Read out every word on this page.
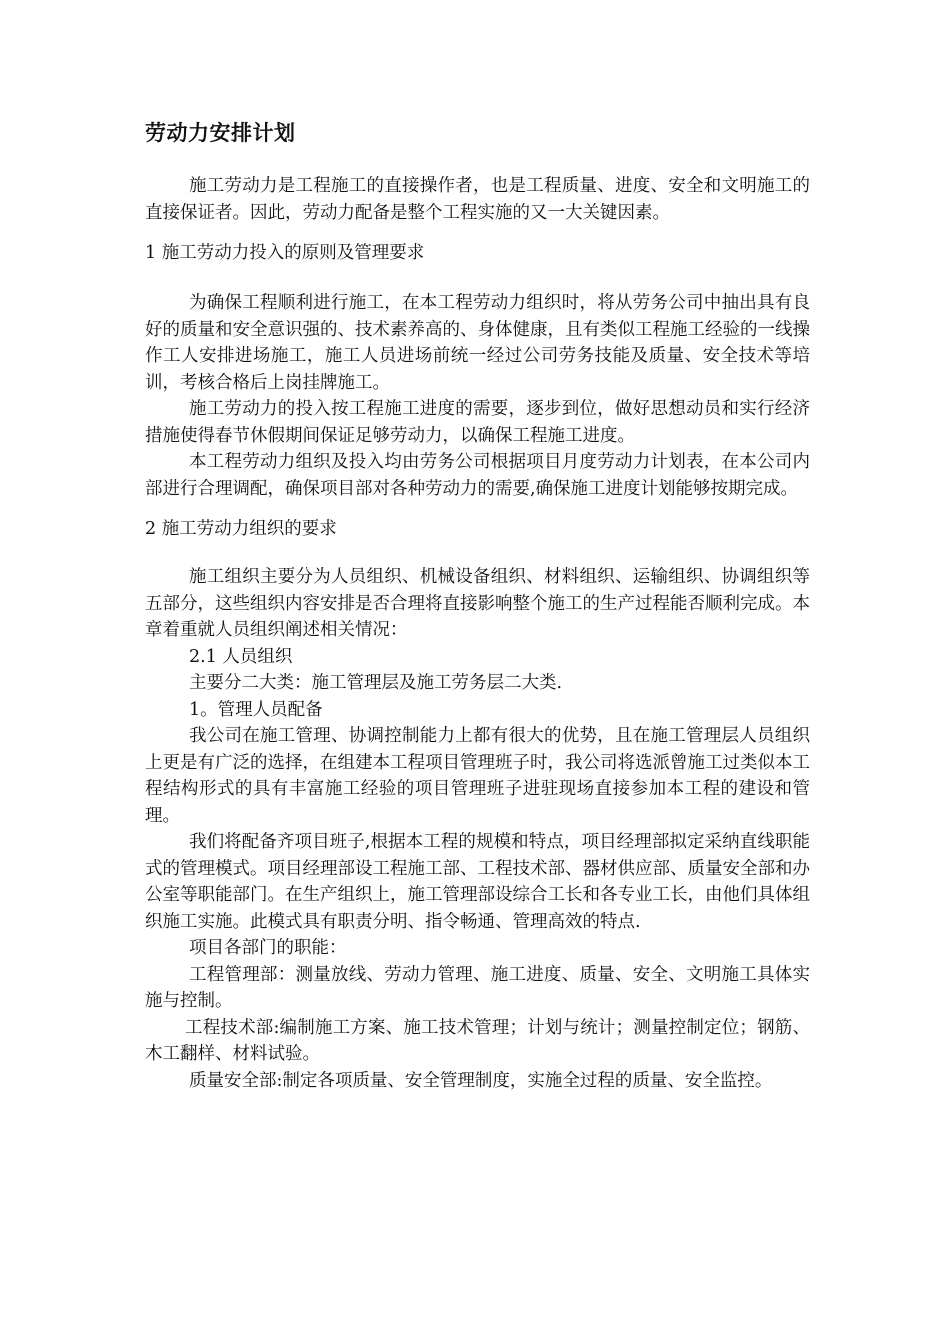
劳动力安排计划

施工劳动力是工程施工的直接操作者，也是工程质量、进度、安全和文明施工的直接保证者。因此，劳动力配备是整个工程实施的又一大关键因素。

1 施工劳动力投入的原则及管理要求

为确保工程顺利进行施工，在本工程劳动力组织时，将从劳务公司中抽出具有良好的质量和安全意识强的、技术素养高的、身体健康，且有类似工程施工经验的一线操作工人安排进场施工，施工人员进场前统一经过公司劳务技能及质量、安全技术等培训，考核合格后上岗挂牌施工。

施工劳动力的投入按工程施工进度的需要，逐步到位，做好思想动员和实行经济措施使得春节休假期间保证足够劳动力，以确保工程施工进度。

本工程劳动力组织及投入均由劳务公司根据项目月度劳动力计划表，在本公司内部进行合理调配，确保项目部对各种劳动力的需要,确保施工进度计划能够按期完成。

2 施工劳动力组织的要求

施工组织主要分为人员组织、机械设备组织、材料组织、运输组织、协调组织等五部分，这些组织内容安排是否合理将直接影响整个施工的生产过程能否顺利完成。本章着重就人员组织阐述相关情况：

2.1 人员组织

主要分二大类：施工管理层及施工劳务层二大类.

1。管理人员配备

我公司在施工管理、协调控制能力上都有很大的优势，且在施工管理层人员组织上更是有广泛的选择，在组建本工程项目管理班子时，我公司将选派曾施工过类似本工程结构形式的具有丰富施工经验的项目管理班子进驻现场直接参加本工程的建设和管理。

我们将配备齐项目班子,根据本工程的规模和特点，项目经理部拟定采纳直线职能式的管理模式。项目经理部设工程施工部、工程技术部、器材供应部、质量安全部和办公室等职能部门。在生产组织上，施工管理部设综合工长和各专业工长，由他们具体组织施工实施。此模式具有职责分明、指令畅通、管理高效的特点.

项目各部门的职能：

工程管理部：测量放线、劳动力管理、施工进度、质量、安全、文明施工具体实施与控制。

工程技术部:编制施工方案、施工技术管理；计划与统计；测量控制定位；钢筋、木工翻样、材料试验。

质量安全部:制定各项质量、安全管理制度，实施全过程的质量、安全监控。
